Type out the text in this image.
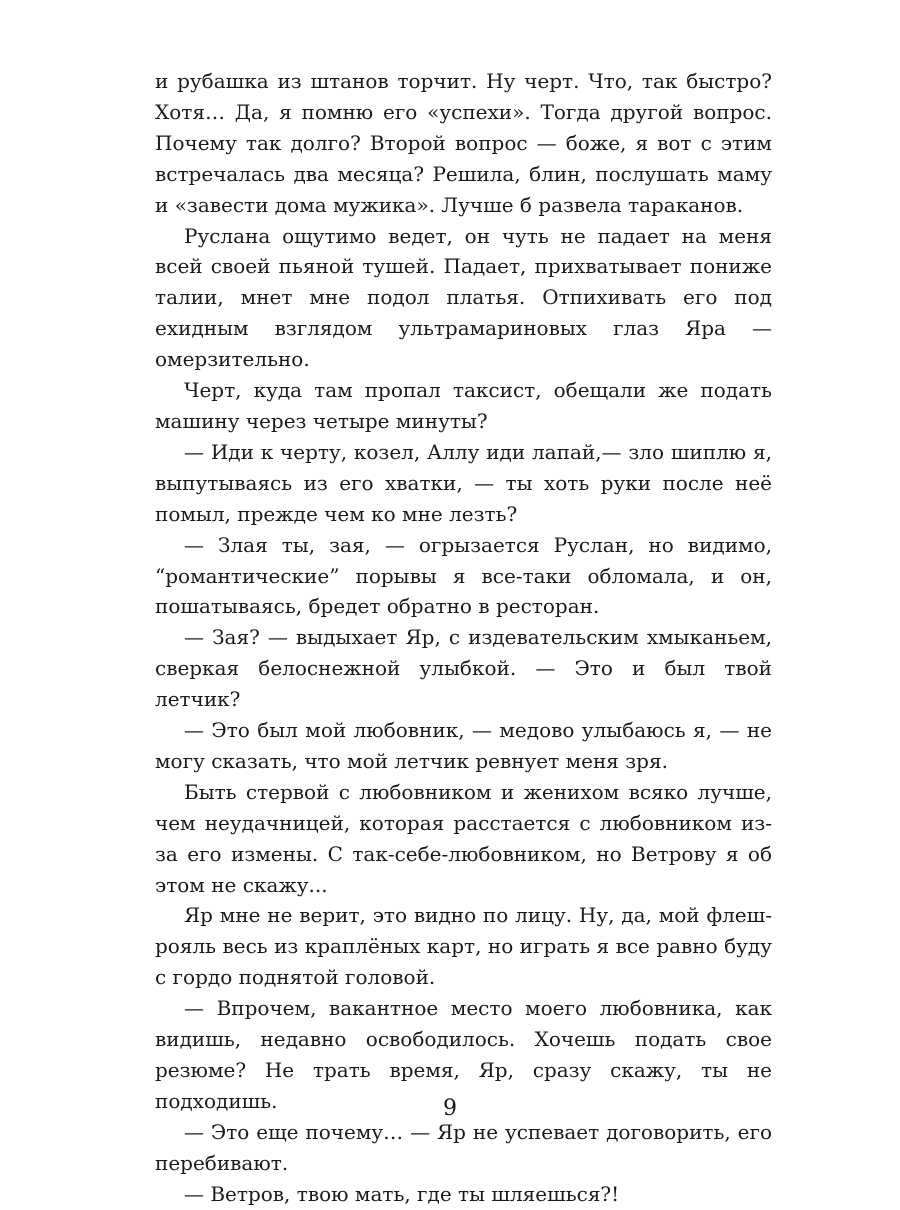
и рубашка из штанов торчит. Ну черт. Что, так быстро? Хотя… Да, я помню его «успехи». Тогда другой вопрос. Почему так долго? Второй вопрос — боже, я вот с этим встречалась два месяца? Решила, блин, послушать маму и «завести дома мужика». Лучше б развела тараканов.

Руслана ощутимо ведет, он чуть не падает на меня всей своей пьяной тушей. Падает, прихватывает пониже талии, мнет мне подол платья. Отпихивать его под ехидным взглядом ультрамариновых глаз Яра — омерзительно.

Черт, куда там пропал таксист, обещали же подать машину через четыре минуты?

— Иди к черту, козел, Аллу иди лапай,— зло шиплю я, выпутываясь из его хватки, — ты хоть руки после неё помыл, прежде чем ко мне лезть?

— Злая ты, зая, — огрызается Руслан, но видимо, “романтические” порывы я все-таки обломала, и он, пошатываясь, бредет обратно в ресторан.

— Зая? — выдыхает Яр, с издевательским хмыканьем, сверкая белоснежной улыбкой. — Это и был твой летчик?

— Это был мой любовник, — медово улыбаюсь я, — не могу сказать, что мой летчик ревнует меня зря.

Быть стервой с любовником и женихом всяко лучше, чем неудачницей, которая расстается с любовником из-за его измены. С так-себе-любовником, но Ветрову я об этом не скажу...

Яр мне не верит, это видно по лицу. Ну, да, мой флеш-рояль весь из краплёных карт, но играть я все равно буду с гордо поднятой головой.

— Впрочем, вакантное место моего любовника, как видишь, недавно освободилось. Хочешь подать свое резюме? Не трать время, Яр, сразу скажу, ты не подходишь.

— Это еще почему… — Яр не успевает договорить, его перебивают.

— Ветров, твою мать, где ты шляешься?!

9
